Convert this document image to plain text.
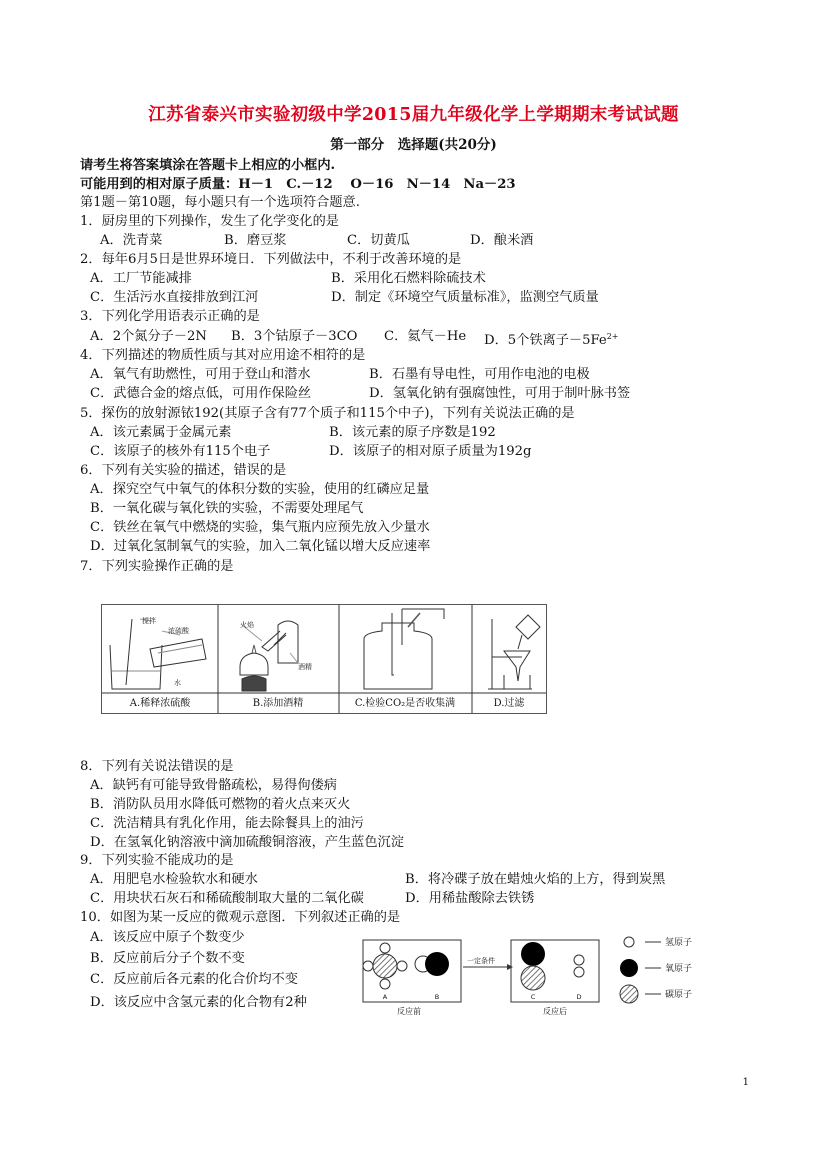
江苏省泰兴市实验初级中学2015届九年级化学上学期期末考试试题
第一部分　选择题(共20分)
请考生将答案填涂在答题卡上相应的小框内.
可能用到的相对原子质量：H－1　C.－12　 O－16　N－14　Na－23
第1题－第10题，每小题只有一个选项符合题意.
1．厨房里的下列操作，发生了化学变化的是
A．洗青菜	B．磨豆浆	C．切黄瓜	D．酿米酒
2．每年6月5日是世界环境日．下列做法中，不利于改善环境的是
A．工厂节能减排	B．采用化石燃料除硫技术
C．生活污水直接排放到江河	D．制定《环境空气质量标准》，监测空气质量
3．下列化学用语表示正确的是
A．2个氮分子－2N B．3个钴原子－3CO C．氦气－He D．5个铁离子$-5Fe^{2+}$
4．下列描述的物质性质与其对应用途不相符的是
A．氧气有助燃性，可用于登山和潜水	B．石墨有导电性，可用作电池的电极
C．武德合金的熔点低，可用作保险丝	D．氢氧化钠有强腐蚀性，可用于制叶脉书签
5．探伤的放射源铱192(其原子含有77个质子和115个中子)，下列有关说法正确的是
A．该元素属于金属元素	B．该元素的原子序数是192
C．该原子的核外有115个电子	D．该原子的相对原子质量为192g
6．下列有关实验的描述，错误的是
A．探究空气中氧气的体积分数的实验，使用的红磷应足量
B．一氧化碳与氧化铁的实验，不需要处理尾气
C．铁丝在氧气中燃烧的实验，集气瓶内应预先放入少量水
D．过氧化氢制氧气的实验，加入二氧化锰以增大反应速率
7．下列实验操作正确的是
搅拌
浓硫酸
水
火焰
酒精
A.稀释浓硫酸	B.添加酒精	C.检验CO₂是否收集满	D.过滤
8．下列有关说法错误的是
A．缺钙有可能导致骨骼疏松，易得佝偻病
B．消防队员用水降低可燃物的着火点来灭火
C．洗洁精具有乳化作用，能去除餐具上的油污
D．在氢氧化钠溶液中滴加硫酸铜溶液，产生蓝色沉淀
9．下列实验不能成功的是
A．用肥皂水检验软水和硬水	B．将冷碟子放在蜡烛火焰的上方，得到炭黑
C．用块状石灰石和稀硫酸制取大量的二氧化碳	D．用稀盐酸除去铁锈
10．如图为某一反应的微观示意图．下列叙述正确的是
A．该反应中原子个数变少
B．反应前后分子个数不变
C．反应前后各元素的化合价均不变
D．该反应中含氢元素的化合物有2种
氢原子
氧原子
碳原子
一定条件
A	B	C	D
反应前	反应后
1
